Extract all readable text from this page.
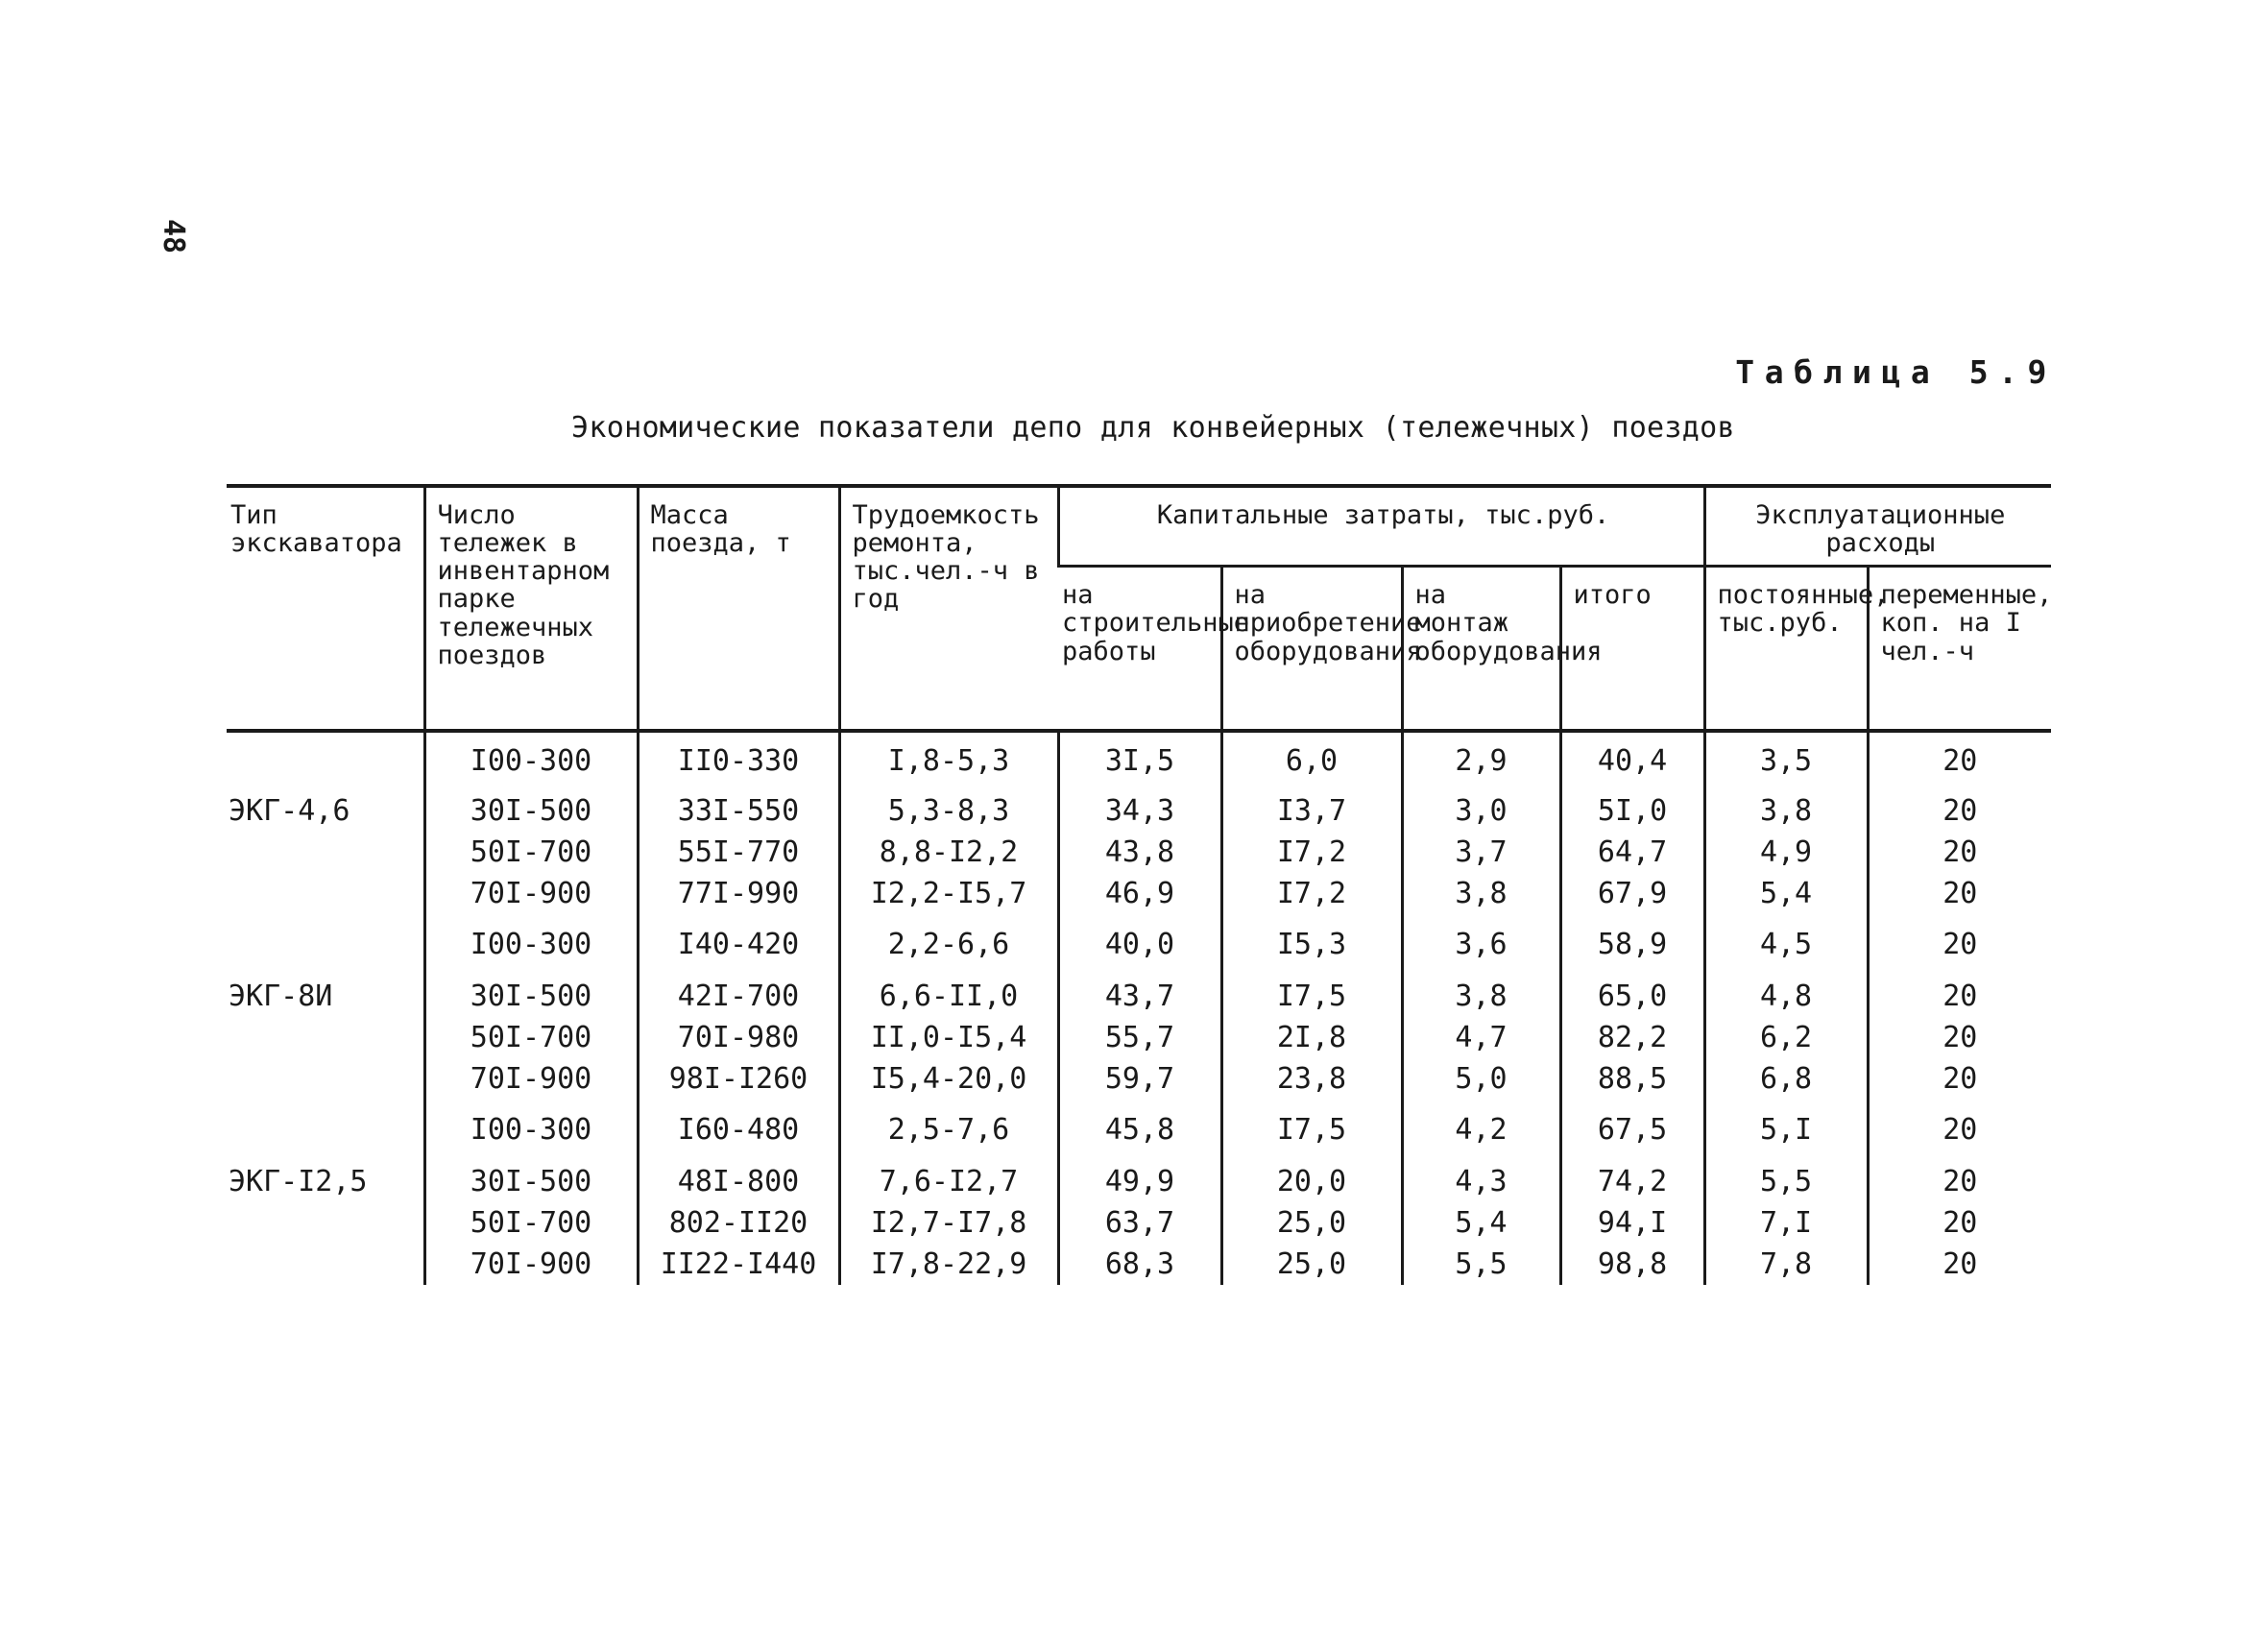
48
Таблица 5.9
Экономические показатели депо для конвейерных (тележечных) поездов
Тип экскаватора	Число тележек в инвентарном парке тележечных поездов	Масса поезда, т	Трудоемкость ремонта, тыс.чел.-ч в год	Капитальные затраты, тыс.руб.				Эксплуатационные расходы	
				на строительные работы	на приобретение оборудования	на монтаж оборудования	итого	постоянные, тыс.руб.	переменные, коп. на I чел.-ч
	I00-300	II0-330	I,8-5,3	3I,5	6,0	2,9	40,4	3,5	20
ЭКГ-4,6	30I-500	33I-550	5,3-8,3	34,3	I3,7	3,0	5I,0	3,8	20
	50I-700	55I-770	8,8-I2,2	43,8	I7,2	3,7	64,7	4,9	20
	70I-900	77I-990	I2,2-I5,7	46,9	I7,2	3,8	67,9	5,4	20
	I00-300	I40-420	2,2-6,6	40,0	I5,3	3,6	58,9	4,5	20
ЭКГ-8И	30I-500	42I-700	6,6-II,0	43,7	I7,5	3,8	65,0	4,8	20
	50I-700	70I-980	II,0-I5,4	55,7	2I,8	4,7	82,2	6,2	20
	70I-900	98I-I260	I5,4-20,0	59,7	23,8	5,0	88,5	6,8	20
	I00-300	I60-480	2,5-7,6	45,8	I7,5	4,2	67,5	5,I	20
ЭКГ-I2,5	30I-500	48I-800	7,6-I2,7	49,9	20,0	4,3	74,2	5,5	20
	50I-700	802-II20	I2,7-I7,8	63,7	25,0	5,4	94,I	7,I	20
	70I-900	II22-I440	I7,8-22,9	68,3	25,0	5,5	98,8	7,8	20
